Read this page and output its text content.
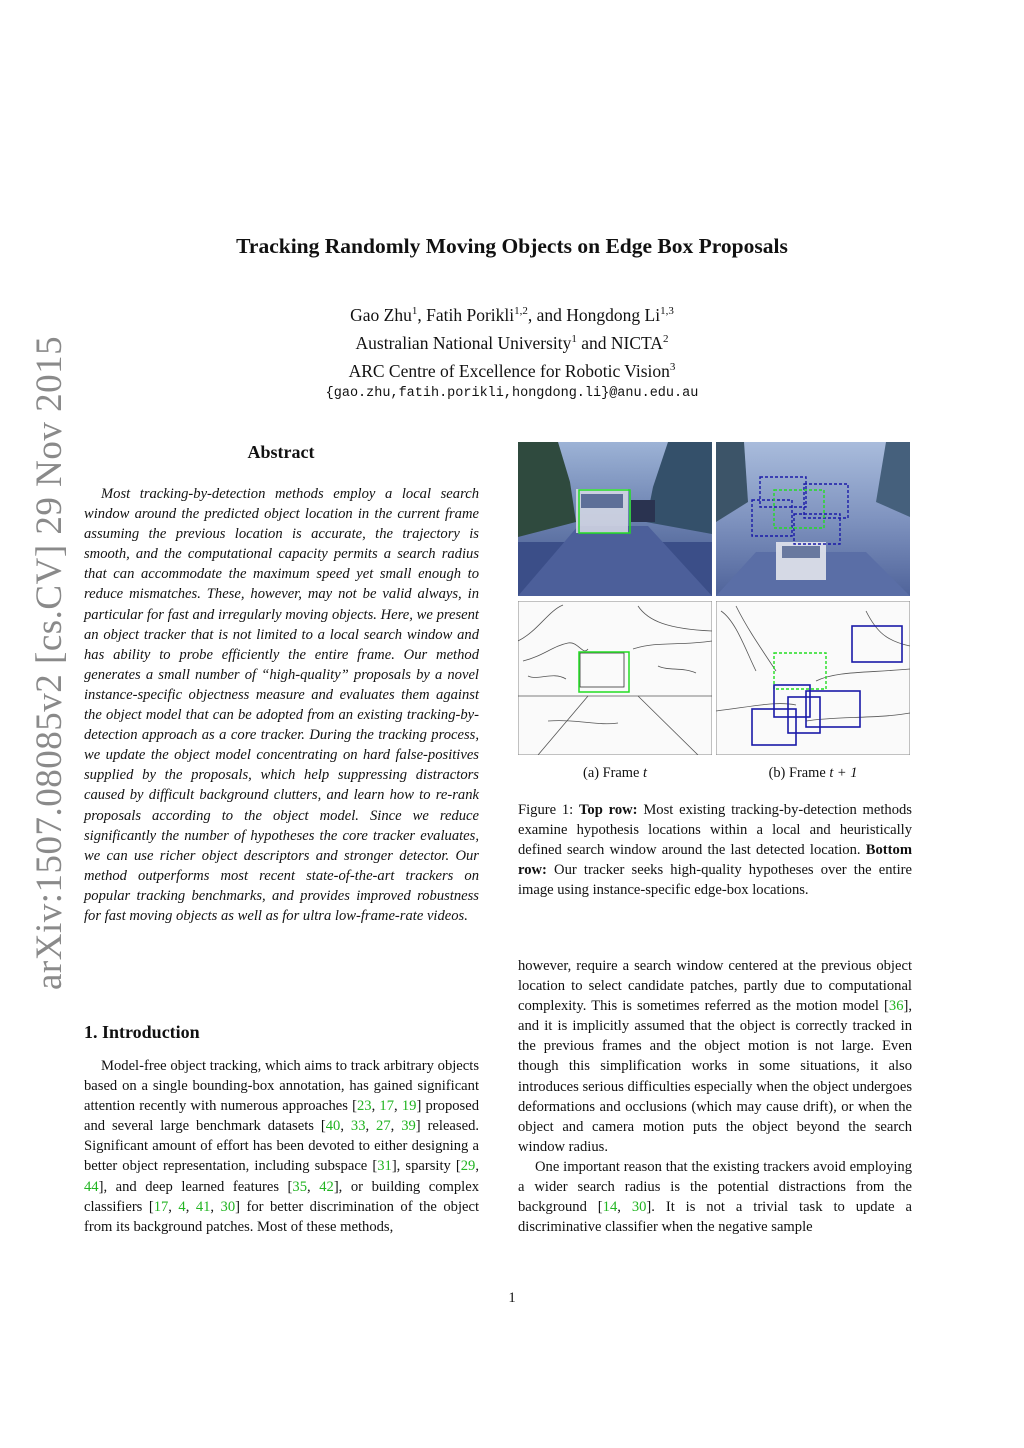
Tracking Randomly Moving Objects on Edge Box Proposals
Gao Zhu$^1$, Fatih Porikli$^{1,2}$, and Hongdong Li$^{1,3}$
Australian National University$^1$ and NICTA$^2$
ARC Centre of Excellence for Robotic Vision$^3$
{gao.zhu,fatih.porikli,hongdong.li}@anu.edu.au
arXiv:1507.08085v2 [cs.CV] 29 Nov 2015	Abstract

Most tracking-by-detection methods employ a local search window around the predicted object location in the current frame assuming the previous location is accurate, the trajectory is smooth, and the computational capacity permits a search radius that can accommodate the maximum speed yet small enough to reduce mismatches. These, however, may not be valid always, in particular for fast and irregularly moving objects. Here, we present an object tracker that is not limited to a local search window and has ability to probe efficiently the entire frame. Our method generates a small number of “high-quality” proposals by a novel instance-specific objectness measure and evaluates them against the object model that can be adopted from an existing tracking-by-detection approach as a core tracker. During the tracking process, we update the object model concentrating on hard false-positives supplied by the proposals, which help suppressing distractors caused by difficult background clutters, and learn how to re-rank proposals according to the object model. Since we reduce significantly the number of hypotheses the core tracker evaluates, we can use richer object descriptors and stronger detector. Our method outperforms most recent state-of-the-art trackers on popular tracking benchmarks, and provides improved robustness for fast moving objects as well as for ultra low-frame-rate videos.

1. Introduction

Model-free object tracking, which aims to track arbitrary objects based on a single bounding-box annotation, has gained significant attention recently with numerous approaches [23, 17, 19] proposed and several large benchmark datasets [40, 33, 27, 39] released. Significant amount of effort has been devoted to either designing a better object representation, including subspace [31], sparsity [29, 44], and deep learned features [35, 42], or building complex classifiers [17, 4, 41, 30] for better discrimination of the object from its background patches. Most of these methods,

(a) Frame t	(b) Frame t + 1
Figure 1: Top row: Most existing tracking-by-detection methods examine hypothesis locations within a local and heuristically defined search window around the last detected location. Bottom row: Our tracker seeks high-quality hypotheses over the entire image using instance-specific edge-box locations.

however, require a search window centered at the previous object location to select candidate patches, partly due to computational complexity. This is sometimes referred as the motion model [36], and it is implicitly assumed that the object is correctly tracked in the previous frames and the object motion is not large. Even though this simplification works in some situations, it also introduces serious difficulties especially when the object undergoes deformations and occlusions (which may cause drift), or when the object and camera motion puts the object beyond the search window radius.

One important reason that the existing trackers avoid employing a wider search radius is the potential distractions from the background [14, 30]. It is not a trivial task to update a discriminative classifier when the negative sample

1
